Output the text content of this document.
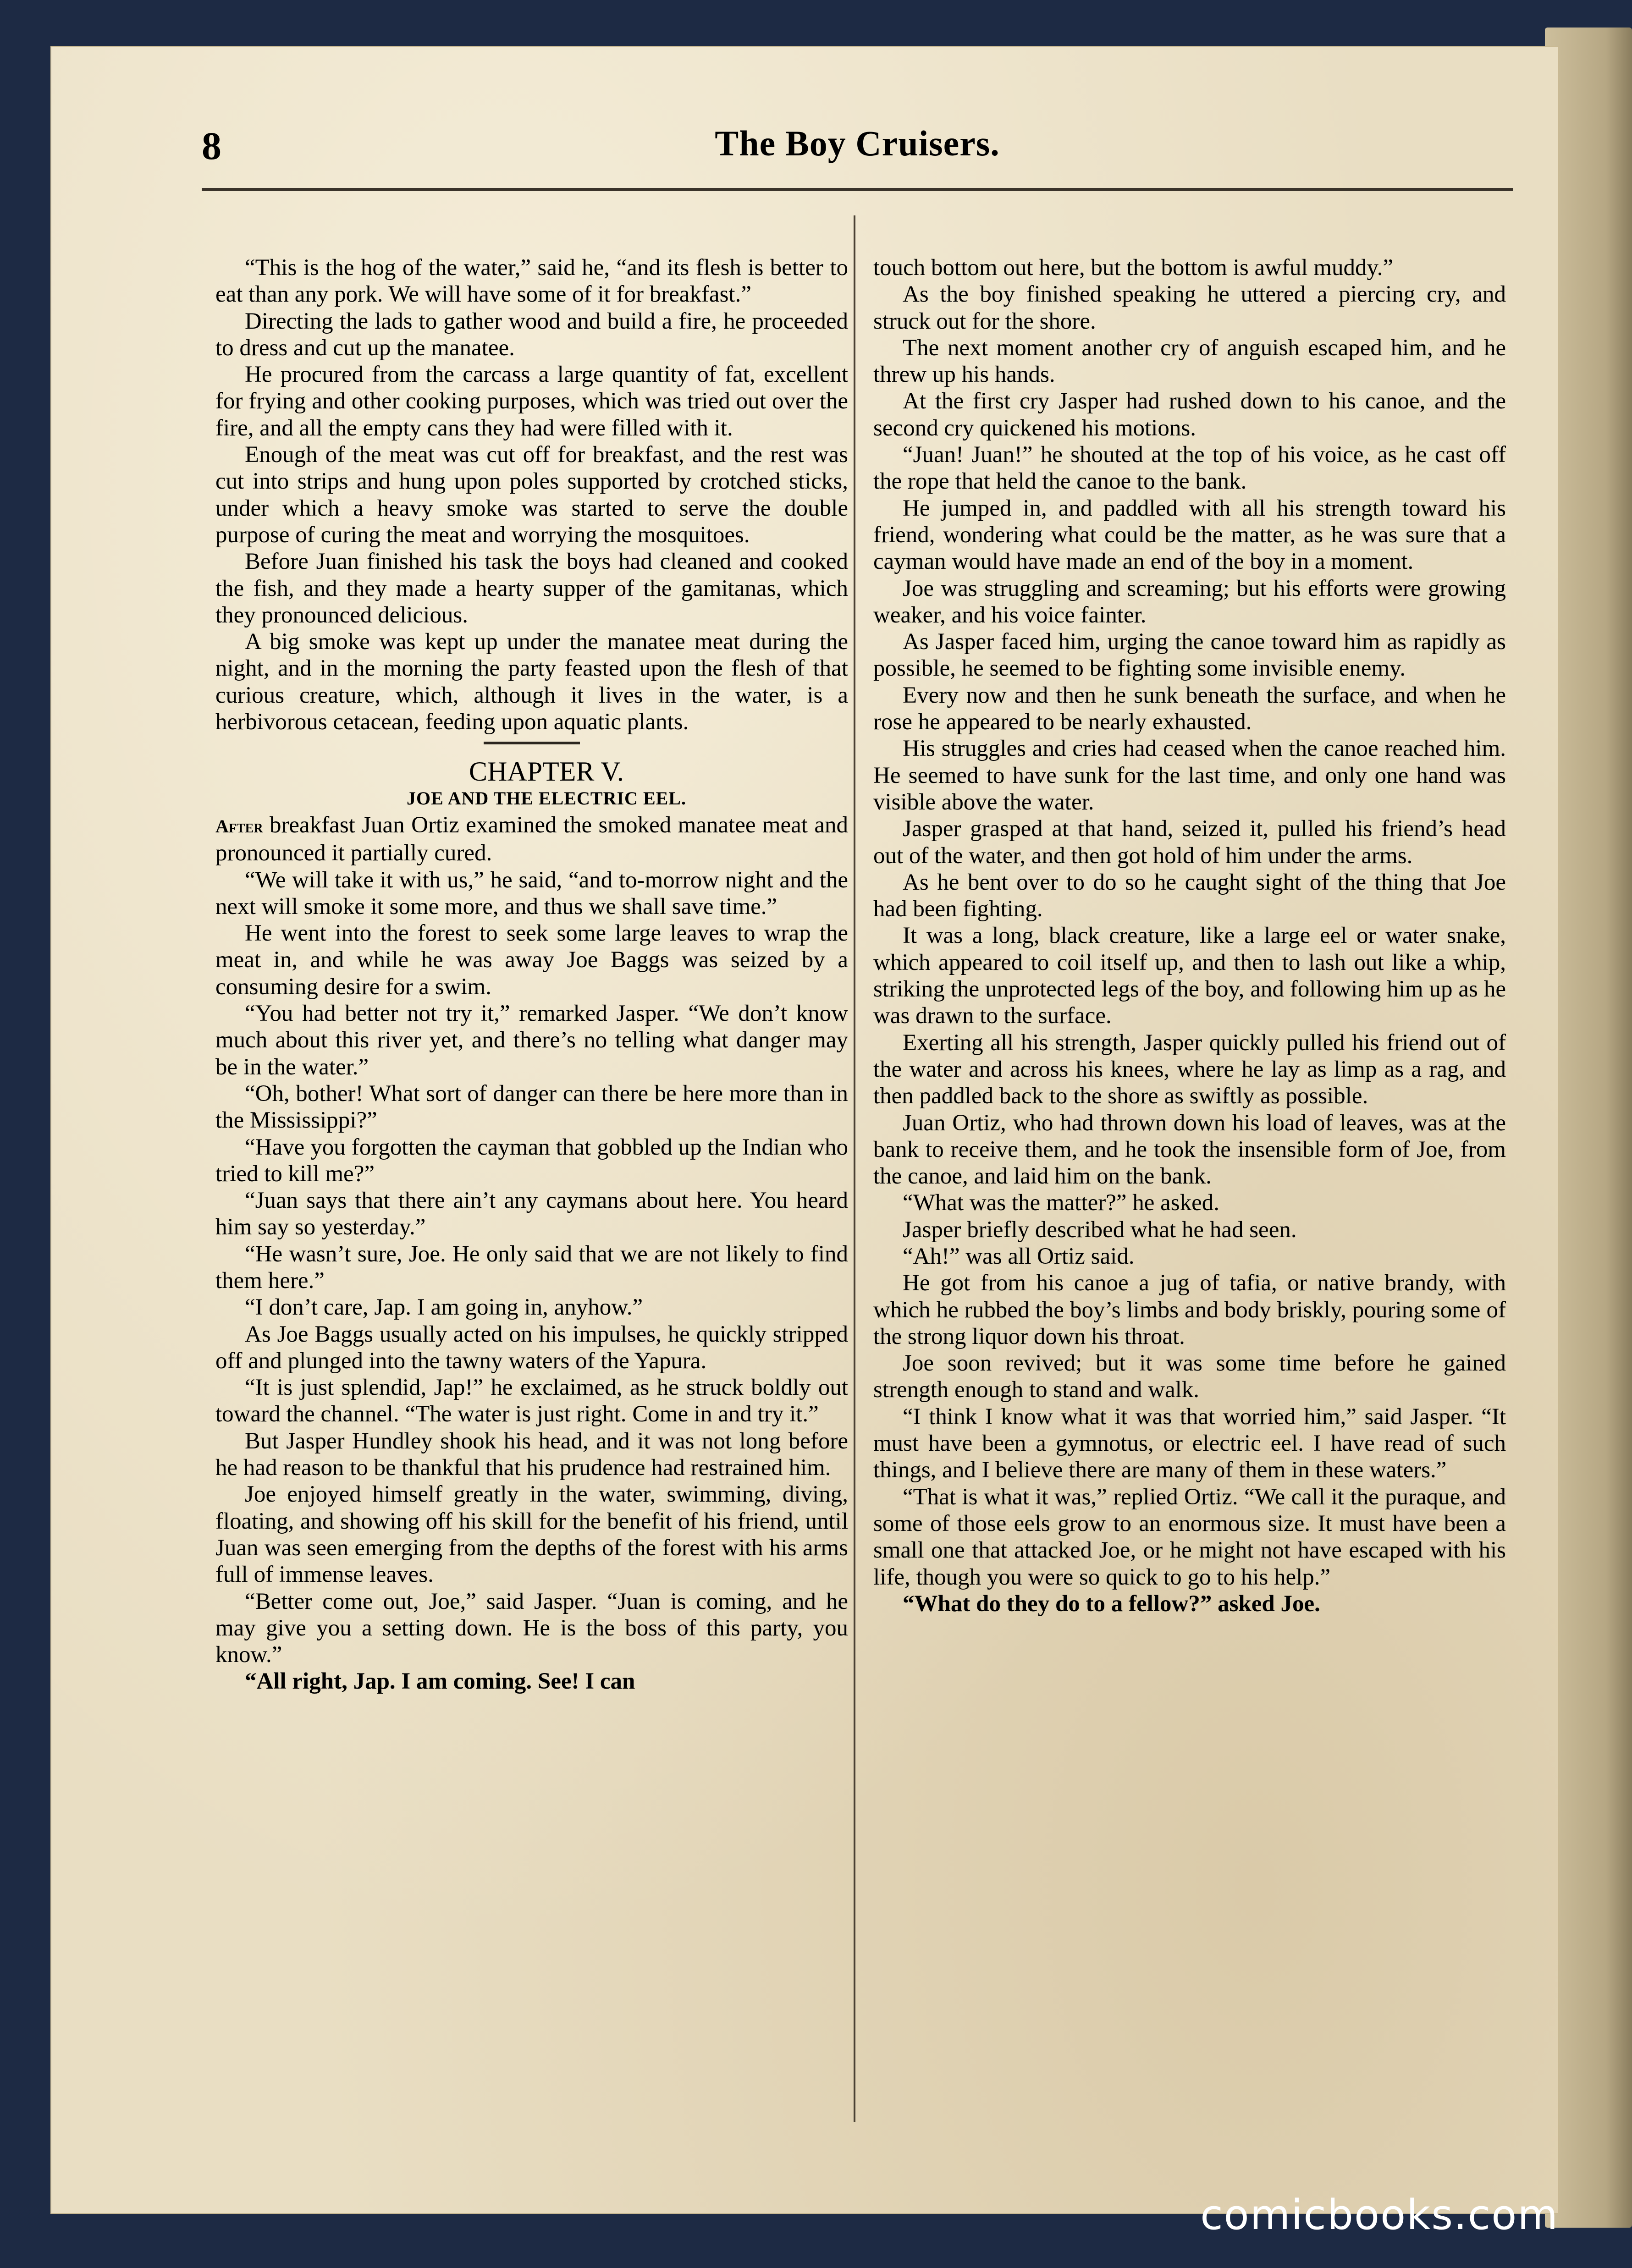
8	The Boy Cruisers.

“This is the hog of the water,” said he, “and its flesh is better to eat than any pork. We will have some of it for breakfast.”

Directing the lads to gather wood and build a fire, he proceeded to dress and cut up the manatee.

He procured from the carcass a large quantity of fat, excellent for frying and other cooking purposes, which was tried out over the fire, and all the empty cans they had were filled with it.

Enough of the meat was cut off for breakfast, and the rest was cut into strips and hung upon poles supported by crotched sticks, under which a heavy smoke was started to serve the double purpose of curing the meat and worrying the mosquitoes.

Before Juan finished his task the boys had cleaned and cooked the fish, and they made a hearty supper of the gamitanas, which they pronounced delicious.

A big smoke was kept up under the manatee meat during the night, and in the morning the party feasted upon the flesh of that curious creature, which, although it lives in the water, is a herbivorous cetacean, feeding upon aquatic plants.

CHAPTER V.

JOE AND THE ELECTRIC EEL.

After breakfast Juan Ortiz examined the smoked manatee meat and pronounced it partially cured.

“We will take it with us,” he said, “and to-morrow night and the next will smoke it some more, and thus we shall save time.”

He went into the forest to seek some large leaves to wrap the meat in, and while he was away Joe Baggs was seized by a consuming desire for a swim.

“You had better not try it,” remarked Jasper. “We don’t know much about this river yet, and there’s no telling what danger may be in the water.”

“Oh, bother! What sort of danger can there be here more than in the Mississippi?”

“Have you forgotten the cayman that gobbled up the Indian who tried to kill me?”

“Juan says that there ain’t any caymans about here. You heard him say so yesterday.”

“He wasn’t sure, Joe. He only said that we are not likely to find them here.”

“I don’t care, Jap. I am going in, anyhow.”

As Joe Baggs usually acted on his impulses, he quickly stripped off and plunged into the tawny waters of the Yapura.

“It is just splendid, Jap!” he exclaimed, as he struck boldly out toward the channel. “The water is just right. Come in and try it.”

But Jasper Hundley shook his head, and it was not long before he had reason to be thankful that his prudence had restrained him.

Joe enjoyed himself greatly in the water, swimming, diving, floating, and showing off his skill for the benefit of his friend, until Juan was seen emerging from the depths of the forest with his arms full of immense leaves.

“Better come out, Joe,” said Jasper. “Juan is coming, and he may give you a setting down. He is the boss of this party, you know.”

“All right, Jap. I am coming. See! I can

touch bottom out here, but the bottom is awful muddy.”

As the boy finished speaking he uttered a piercing cry, and struck out for the shore.

The next moment another cry of anguish escaped him, and he threw up his hands.

At the first cry Jasper had rushed down to his canoe, and the second cry quickened his motions.

“Juan! Juan!” he shouted at the top of his voice, as he cast off the rope that held the canoe to the bank.

He jumped in, and paddled with all his strength toward his friend, wondering what could be the matter, as he was sure that a cayman would have made an end of the boy in a moment.

Joe was struggling and screaming; but his efforts were growing weaker, and his voice fainter.

As Jasper faced him, urging the canoe toward him as rapidly as possible, he seemed to be fighting some invisible enemy.

Every now and then he sunk beneath the surface, and when he rose he appeared to be nearly exhausted.

His struggles and cries had ceased when the canoe reached him. He seemed to have sunk for the last time, and only one hand was visible above the water.

Jasper grasped at that hand, seized it, pulled his friend’s head out of the water, and then got hold of him under the arms.

As he bent over to do so he caught sight of the thing that Joe had been fighting.

It was a long, black creature, like a large eel or water snake, which appeared to coil itself up, and then to lash out like a whip, striking the unprotected legs of the boy, and following him up as he was drawn to the surface.

Exerting all his strength, Jasper quickly pulled his friend out of the water and across his knees, where he lay as limp as a rag, and then paddled back to the shore as swiftly as possible.

Juan Ortiz, who had thrown down his load of leaves, was at the bank to receive them, and he took the insensible form of Joe, from the canoe, and laid him on the bank.

“What was the matter?” he asked.

Jasper briefly described what he had seen.

“Ah!” was all Ortiz said.

He got from his canoe a jug of tafia, or native brandy, with which he rubbed the boy’s limbs and body briskly, pouring some of the strong liquor down his throat.

Joe soon revived; but it was some time before he gained strength enough to stand and walk.

“I think I know what it was that worried him,” said Jasper. “It must have been a gymnotus, or electric eel. I have read of such things, and I believe there are many of them in these waters.”

“That is what it was,” replied Ortiz. “We call it the puraque, and some of those eels grow to an enormous size. It must have been a small one that attacked Joe, or he might not have escaped with his life, though you were so quick to go to his help.”

“What do they do to a fellow?” asked Joe.

comicbooks.com
